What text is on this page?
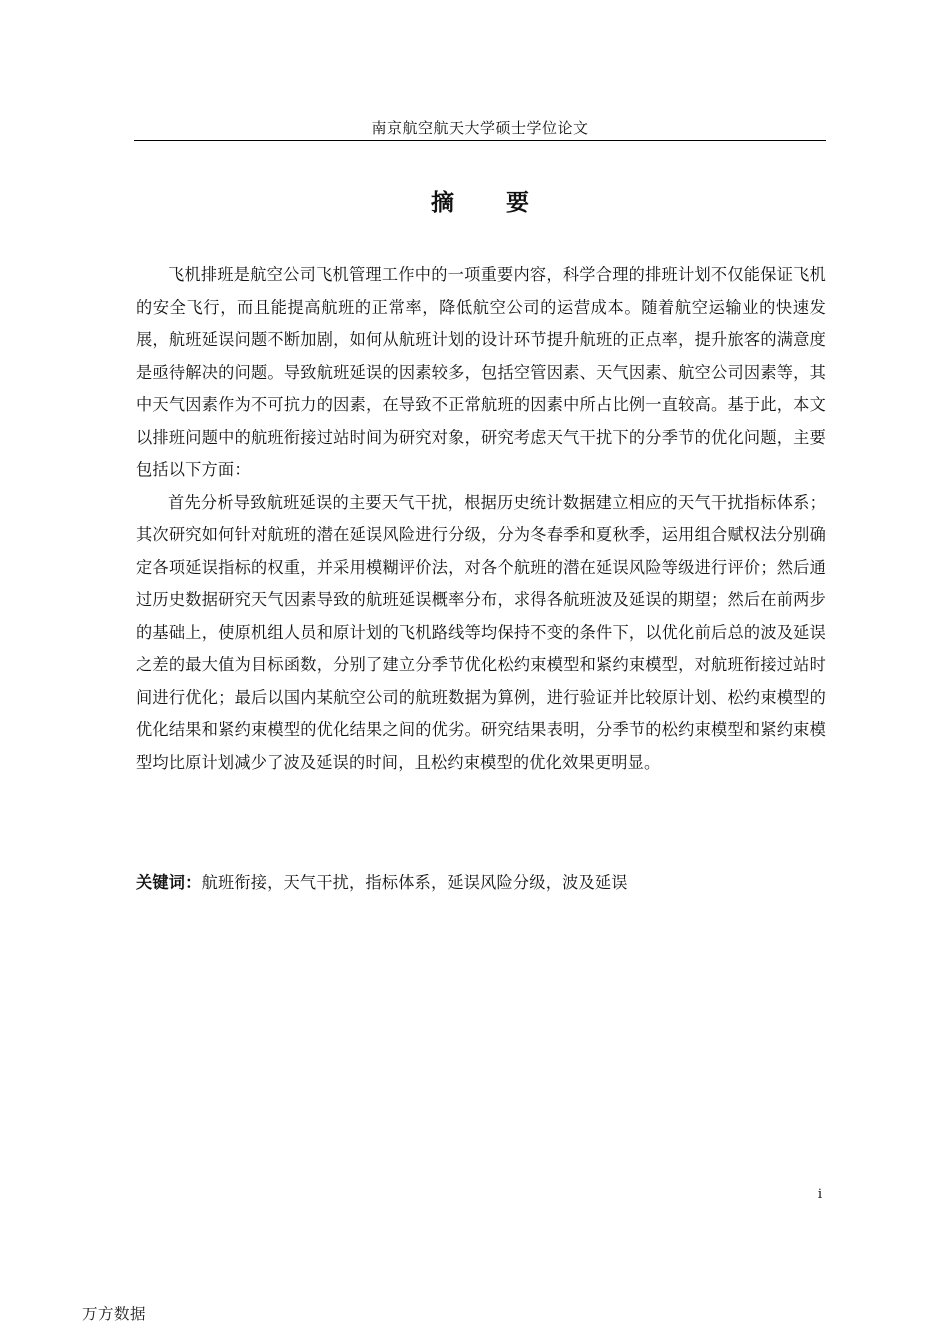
南京航空航天大学硕士学位论文
摘 要

飞机排班是航空公司飞机管理工作中的一项重要内容，科学合理的排班计划不仅能保证飞机的安全飞行，而且能提高航班的正常率，降低航空公司的运营成本。随着航空运输业的快速发展，航班延误问题不断加剧，如何从航班计划的设计环节提升航班的正点率，提升旅客的满意度是亟待解决的问题。导致航班延误的因素较多，包括空管因素、天气因素、航空公司因素等，其中天气因素作为不可抗力的因素，在导致不正常航班的因素中所占比例一直较高。基于此，本文以排班问题中的航班衔接过站时间为研究对象，研究考虑天气干扰下的分季节的优化问题，主要包括以下方面：

首先分析导致航班延误的主要天气干扰，根据历史统计数据建立相应的天气干扰指标体系；其次研究如何针对航班的潜在延误风险进行分级，分为冬春季和夏秋季，运用组合赋权法分别确定各项延误指标的权重，并采用模糊评价法，对各个航班的潜在延误风险等级进行评价；然后通过历史数据研究天气因素导致的航班延误概率分布，求得各航班波及延误的期望；然后在前两步的基础上，使原机组人员和原计划的飞机路线等均保持不变的条件下，以优化前后总的波及延误之差的最大值为目标函数，分别了建立分季节优化松约束模型和紧约束模型，对航班衔接过站时间进行优化；最后以国内某航空公司的航班数据为算例，进行验证并比较原计划、松约束模型的优化结果和紧约束模型的优化结果之间的优劣。研究结果表明，分季节的松约束模型和紧约束模型均比原计划减少了波及延误的时间，且松约束模型的优化效果更明显。

关键词：航班衔接，天气干扰，指标体系，延误风险分级，波及延误
i
万方数据
